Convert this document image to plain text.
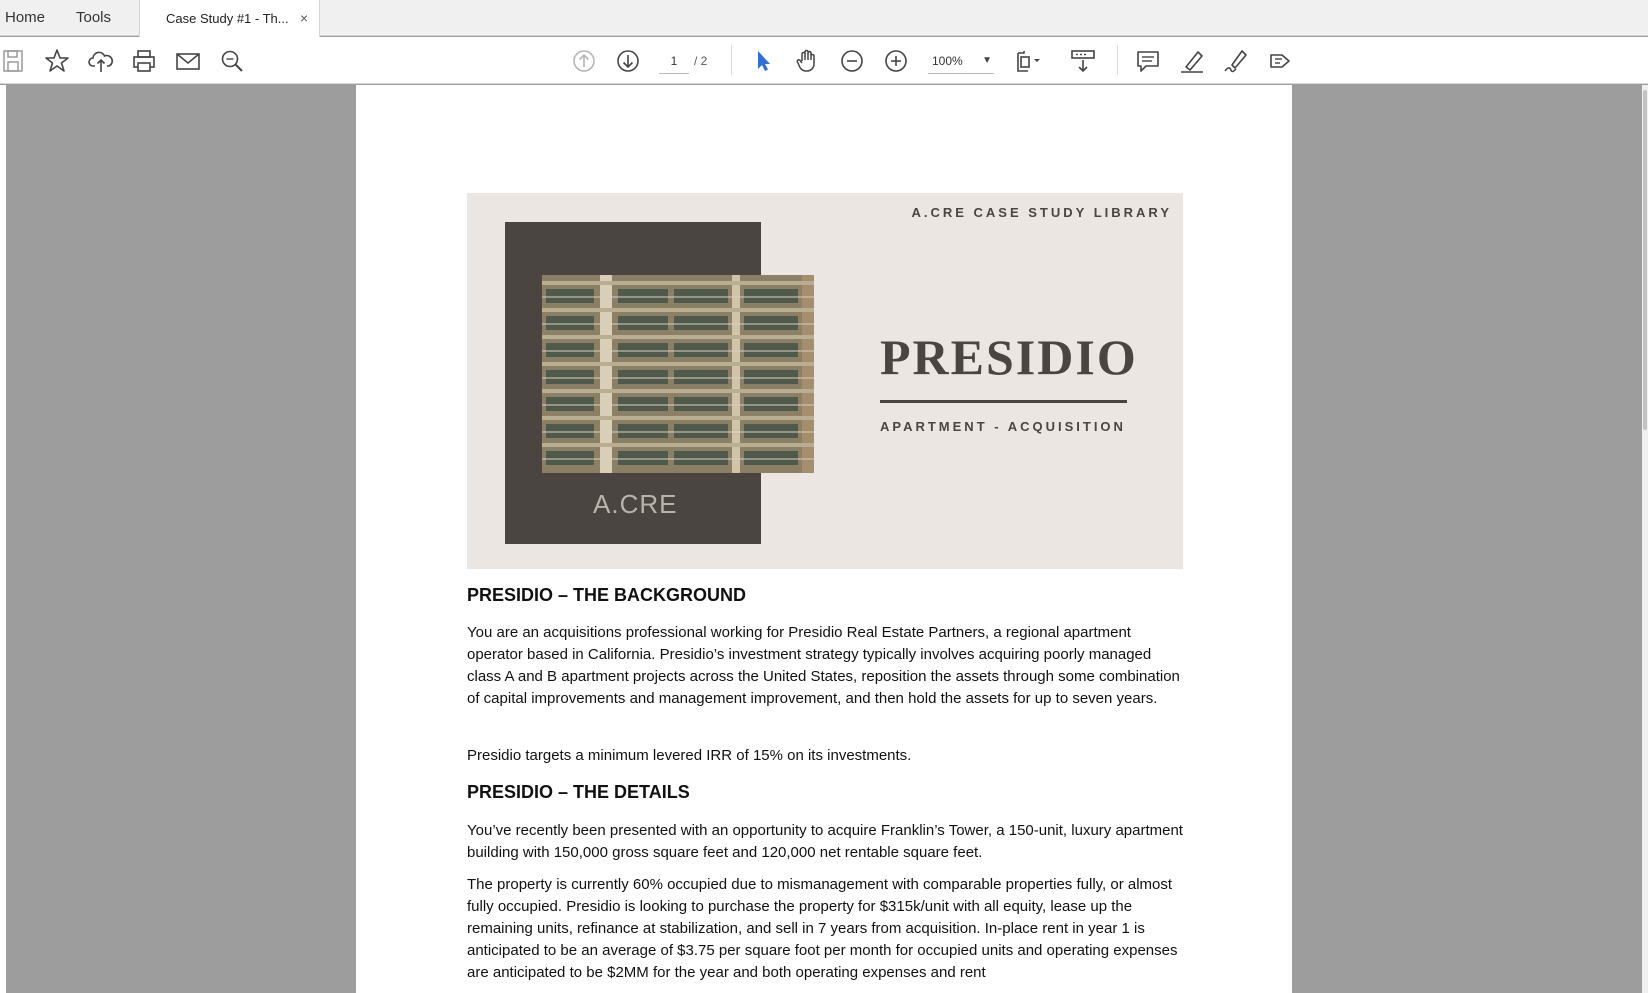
Home Tools	Case Study #1 - Th... ×
1	/ 2	100% ▼
A.CRE
A.CRE CASE STUDY LIBRARY
PRESIDIO
APARTMENT - ACQUISITION
PRESIDIO – THE BACKGROUND
You are an acquisitions professional working for Presidio Real Estate Partners, a regional apartment operator based in California. Presidio’s investment strategy typically involves acquiring poorly managed class A and B apartment projects across the United States, reposition the assets through some combination of capital improvements and management improvement, and then hold the assets for up to seven years.
Presidio targets a minimum levered IRR of 15% on its investments.
PRESIDIO – THE DETAILS
You’ve recently been presented with an opportunity to acquire Franklin’s Tower, a 150-unit, luxury apartment building with 150,000 gross square feet and 120,000 net rentable square feet.
The property is currently 60% occupied due to mismanagement with comparable properties fully, or almost fully occupied. Presidio is looking to purchase the property for $315k/unit with all equity, lease up the remaining units, refinance at stabilization, and sell in 7 years from acquisition. In-place rent in year 1 is anticipated to be an average of $3.75 per square foot per month for occupied units and operating expenses are anticipated to be $2MM for the year and both operating expenses and rent
